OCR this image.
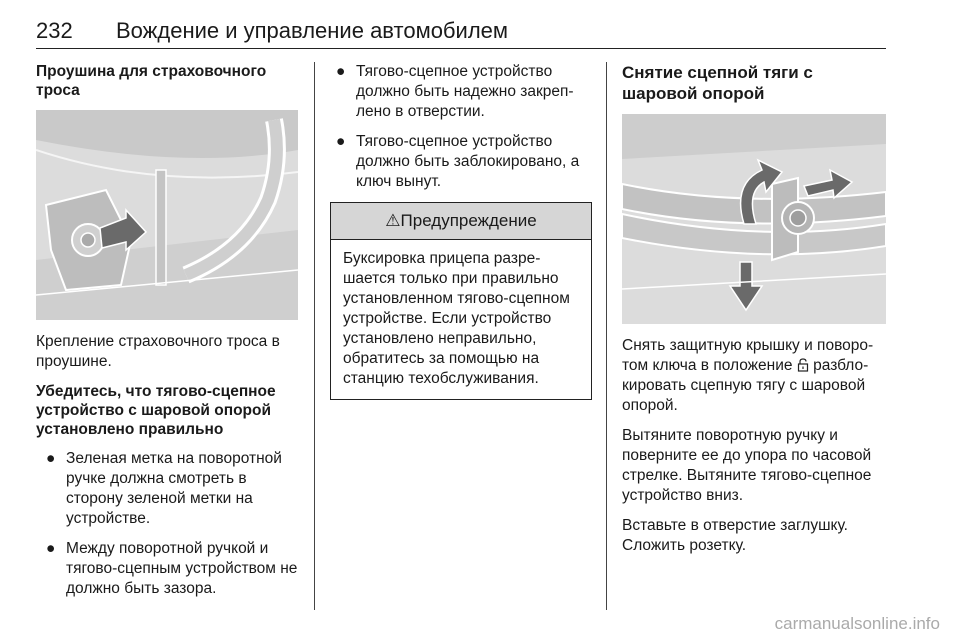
232 Вождение и управление автомобилем
Проушина для страховочного троса

Крепление страховочного троса в проушине.

Убедитесь, что тягово-сцепное устройство с шаровой опорой установлено правильно
● Зеленая метка на поворотной ручке должна смотреть в сторону зеленой метки на устройстве.
● Между поворотной ручкой и тягово-сцепным устройством не должно быть зазора.
● Тягово-сцепное устройство должно быть надежно закреп-лено в отверстии.
● Тягово-сцепное устройство должно быть заблокировано, а ключ вынут.
⚠Предупреждение
Буксировка прицепа разре-шается только при правильно установленном тягово-сцепном устройстве. Если устройство установлено неправильно, обратитесь за помощью на станцию техобслуживания.
Снятие сцепной тяги с шаровой опорой

Снять защитную крышку и поворо-том ключа в положение разбло-кировать сцепную тягу с шаровой опорой.

Вытяните поворотную ручку и поверните ее до упора по часовой стрелке. Вытяните тягово-сцепное устройство вниз.

Вставьте в отверстие заглушку. Сложить розетку.

carmanualsonline.info
